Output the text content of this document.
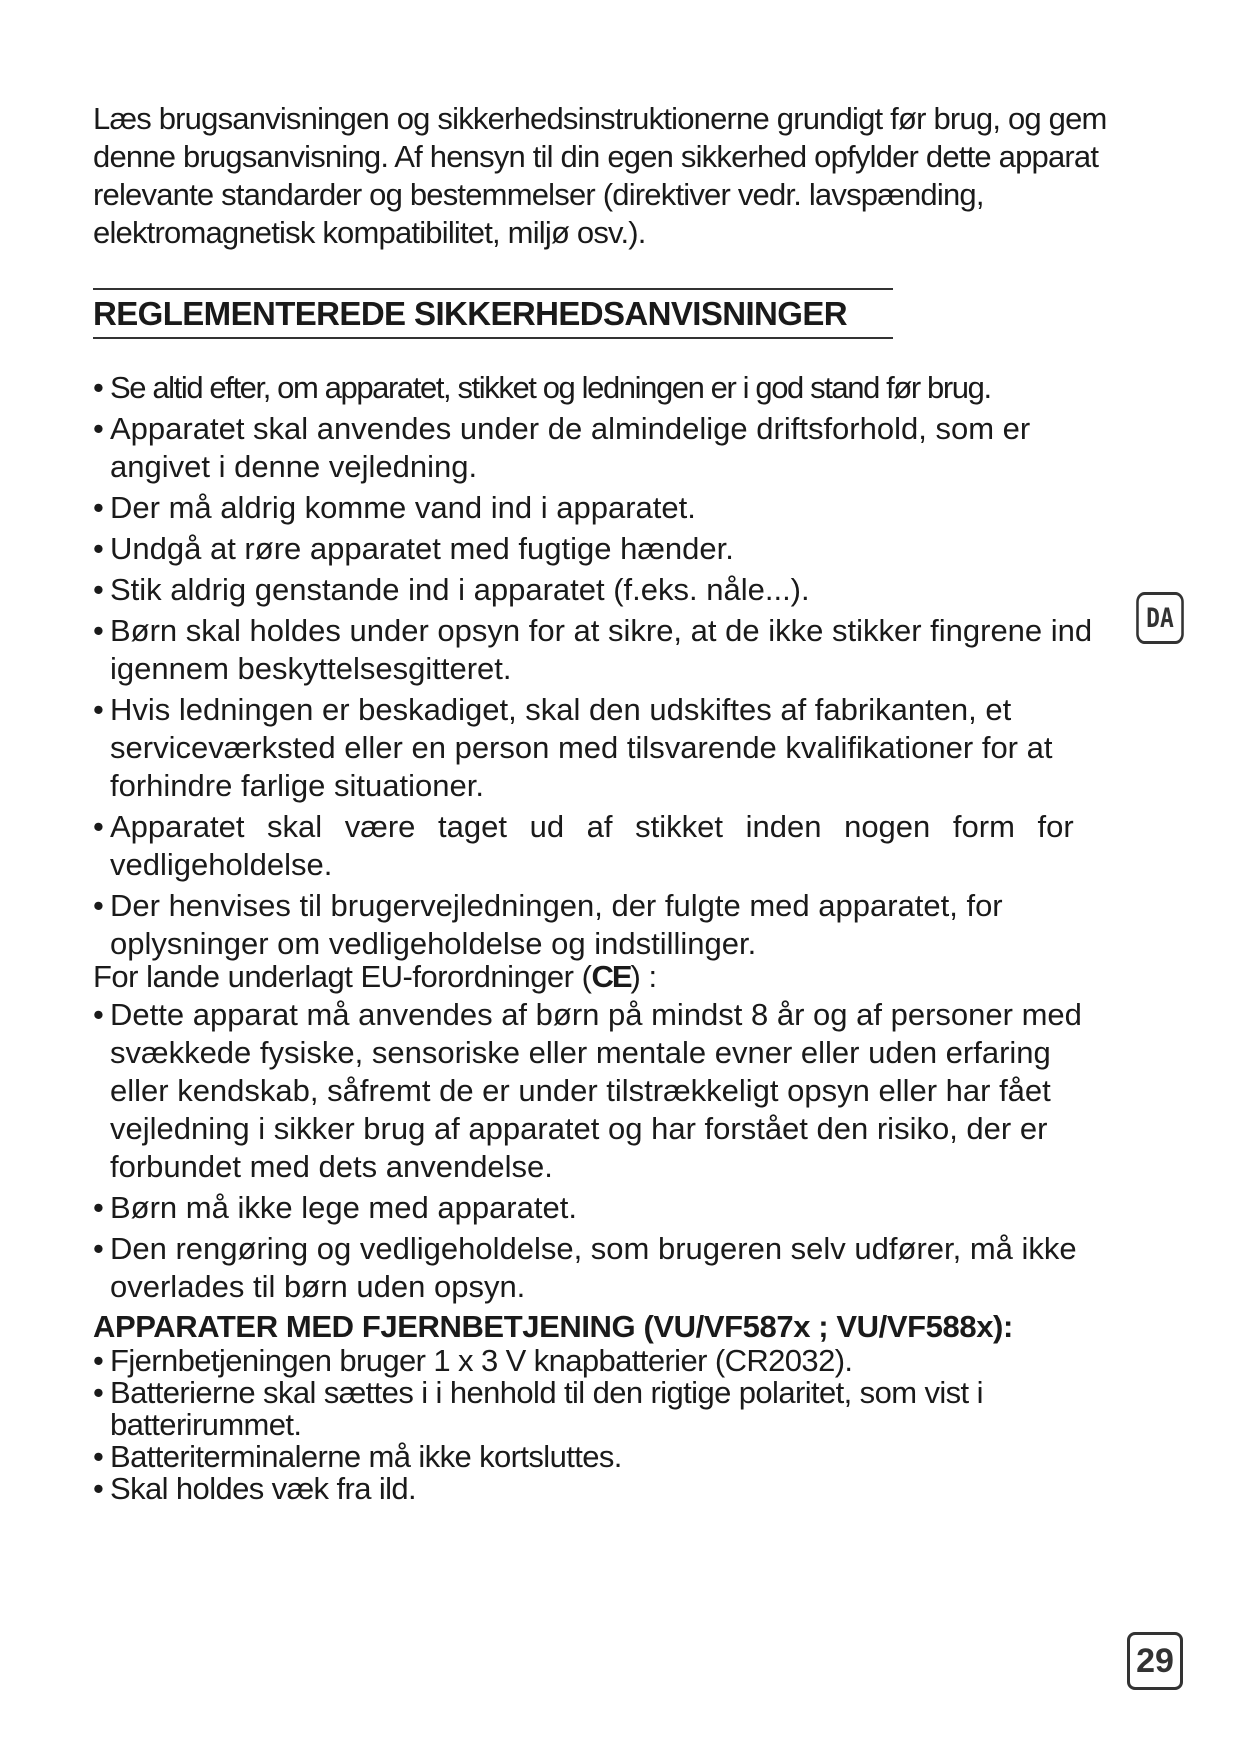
Læs brugsanvisningen og sikkerhedsinstruktionerne grundigt før brug, og gem denne brugsanvisning. Af hensyn til din egen sikkerhed opfylder dette apparat relevante standarder og bestemmelser (direktiver vedr. lavspænding, elektromagnetisk kompatibilitet, miljø osv.).

REGLEMENTEREDE SIKKERHEDSANVISNINGER
• Se altid efter, om apparatet, stikket og ledningen er i god stand før brug.
• Apparatet skal anvendes under de almindelige driftsforhold, som er angivet i denne vejledning.
• Der må aldrig komme vand ind i apparatet.
• Undgå at røre apparatet med fugtige hænder.
• Stik aldrig genstande ind i apparatet (f.eks. nåle...).
• Børn skal holdes under opsyn for at sikre, at de ikke stikker fingrene ind igennem beskyttelsesgitteret.
• Hvis ledningen er beskadiget, skal den udskiftes af fabrikanten, et serviceværksted eller en person med tilsvarende kvalifikationer for at forhindre farlige situationer.
• Apparatet skal være taget ud af stikket inden nogen form for vedligeholdelse.
• Der henvises til brugervejledningen, der fulgte med apparatet, for oplysninger om vedligeholdelse og indstillinger.
For lande underlagt EU-forordninger (CE) :
• Dette apparat må anvendes af børn på mindst 8 år og af personer med svækkede fysiske, sensoriske eller mentale evner eller uden erfaring eller kendskab, såfremt de er under tilstrækkeligt opsyn eller har fået vejledning i sikker brug af apparatet og har forstået den risiko, der er forbundet med dets anvendelse.
• Børn må ikke lege med apparatet.
• Den rengøring og vedligeholdelse, som brugeren selv udfører, må ikke overlades til børn uden opsyn.
APPARATER MED FJERNBETJENING (VU/VF587x ; VU/VF588x):
• Fjernbetjeningen bruger 1 x 3 V knapbatterier (CR2032).
• Batterierne skal sættes i i henhold til den rigtige polaritet, som vist i batterirummet.
• Batteriterminalerne må ikke kortsluttes.
• Skal holdes væk fra ild.
DA
29
